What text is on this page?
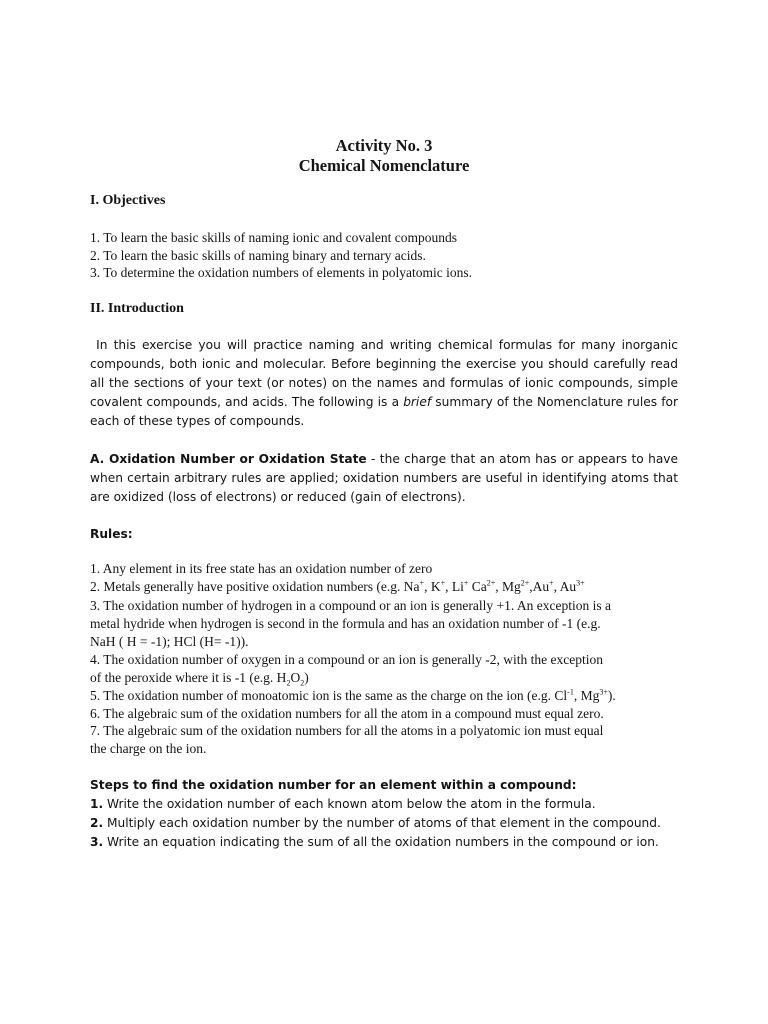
Activity No. 3
Chemical Nomenclature
I. Objectives
1. To learn the basic skills of naming ionic and covalent compounds
2. To learn the basic skills of naming binary and ternary acids.
3. To determine the oxidation numbers of elements in polyatomic ions.
II. Introduction
In this exercise you will practice naming and writing chemical formulas for many inorganic
compounds, both ionic and molecular. Before beginning the exercise you should carefully read
all the sections of your text (or notes) on the names and formulas of ionic compounds, simple
covalent compounds, and acids. The following is a brief summary of the Nomenclature rules for
each of these types of compounds.
A. Oxidation Number or Oxidation State - the charge that an atom has or appears to have
when certain arbitrary rules are applied; oxidation numbers are useful in identifying atoms that
are oxidized (loss of electrons) or reduced (gain of electrons).
Rules:
1. Any element in its free state has an oxidation number of zero
2. Metals generally have positive oxidation numbers (e.g. Na+, K+, Li+ $Ca^{2+}$, $Mg^{2+},Au^+$, $Au^{3+}$
3. The oxidation number of hydrogen in a compound or an ion is generally +1. An exception is a
metal hydride when hydrogen is second in the formula and has an oxidation number of -1 (e.g.
NaH ( H = -1); HCl (H= -1)).
4. The oxidation number of oxygen in a compound or an ion is generally -2, with the exception
of the peroxide where it is -1 (e.g. $H_2O_2$)
5. The oxidation number of monoatomic ion is the same as the charge on the ion (e.g. $Cl^{-1}$, $Mg^{3+}$).
6. The algebraic sum of the oxidation numbers for all the atom in a compound must equal zero.
7. The algebraic sum of the oxidation numbers for all the atoms in a polyatomic ion must equal
the charge on the ion.
Steps to find the oxidation number for an element within a compound:
1. Write the oxidation number of each known atom below the atom in the formula.
2. Multiply each oxidation number by the number of atoms of that element in the compound.
3. Write an equation indicating the sum of all the oxidation numbers in the compound or ion.
